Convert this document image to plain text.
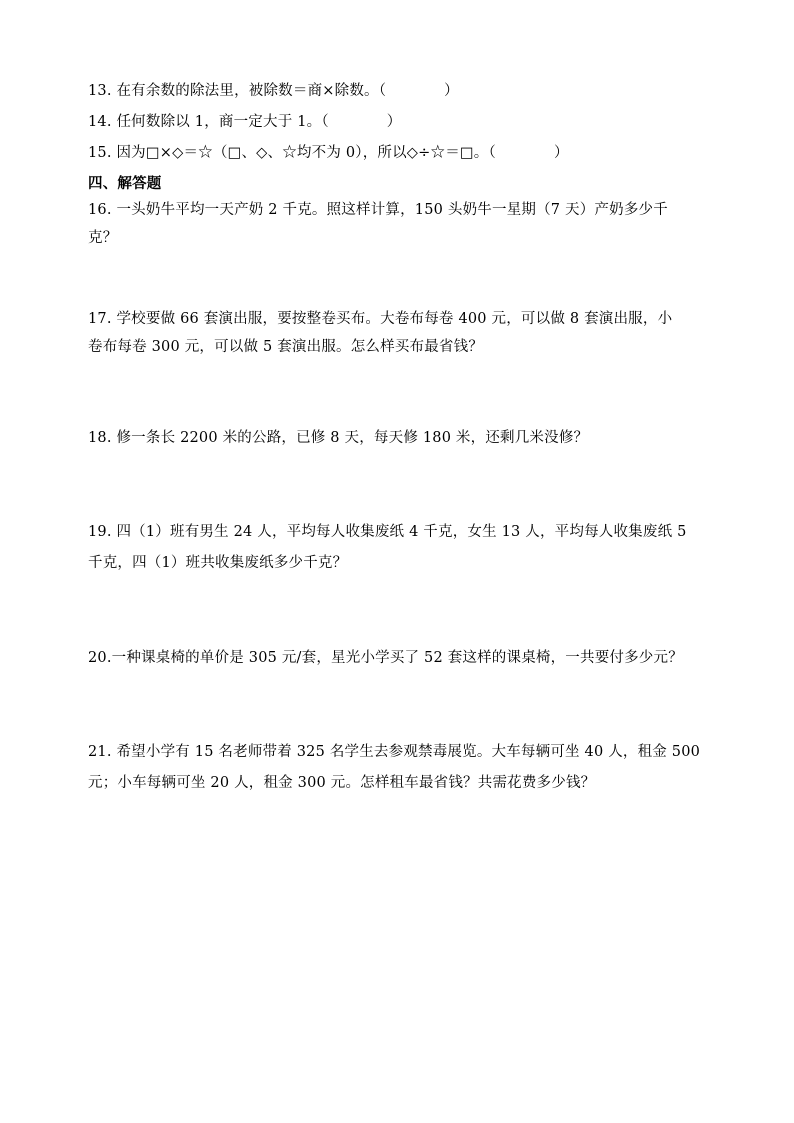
13. 在有余数的除法里，被除数＝商×除数。（	）
14. 任何数除以 1，商一定大于 1。（	）
15. 因为□×◇＝☆（□、◇、☆均不为 0），所以◇÷☆＝□。（	）
四、解答题
16. 一头奶牛平均一天产奶 2 千克。照这样计算，150 头奶牛一星期（7 天）产奶多少千
克？
17. 学校要做 66 套演出服，要按整卷买布。大卷布每卷 400 元，可以做 8 套演出服，小
卷布每卷 300 元，可以做 5 套演出服。怎么样买布最省钱？
18. 修一条长 2200 米的公路，已修 8 天，每天修 180 米，还剩几米没修？
19. 四（1）班有男生 24 人，平均每人收集废纸 4 千克，女生 13 人，平均每人收集废纸 5
千克，四（1）班共收集废纸多少千克？
20.一种课桌椅的单价是 305 元/套，星光小学买了 52 套这样的课桌椅，一共要付多少元？
21. 希望小学有 15 名老师带着 325 名学生去参观禁毒展览。大车每辆可坐 40 人，租金 500
元；小车每辆可坐 20 人，租金 300 元。怎样租车最省钱？共需花费多少钱？
